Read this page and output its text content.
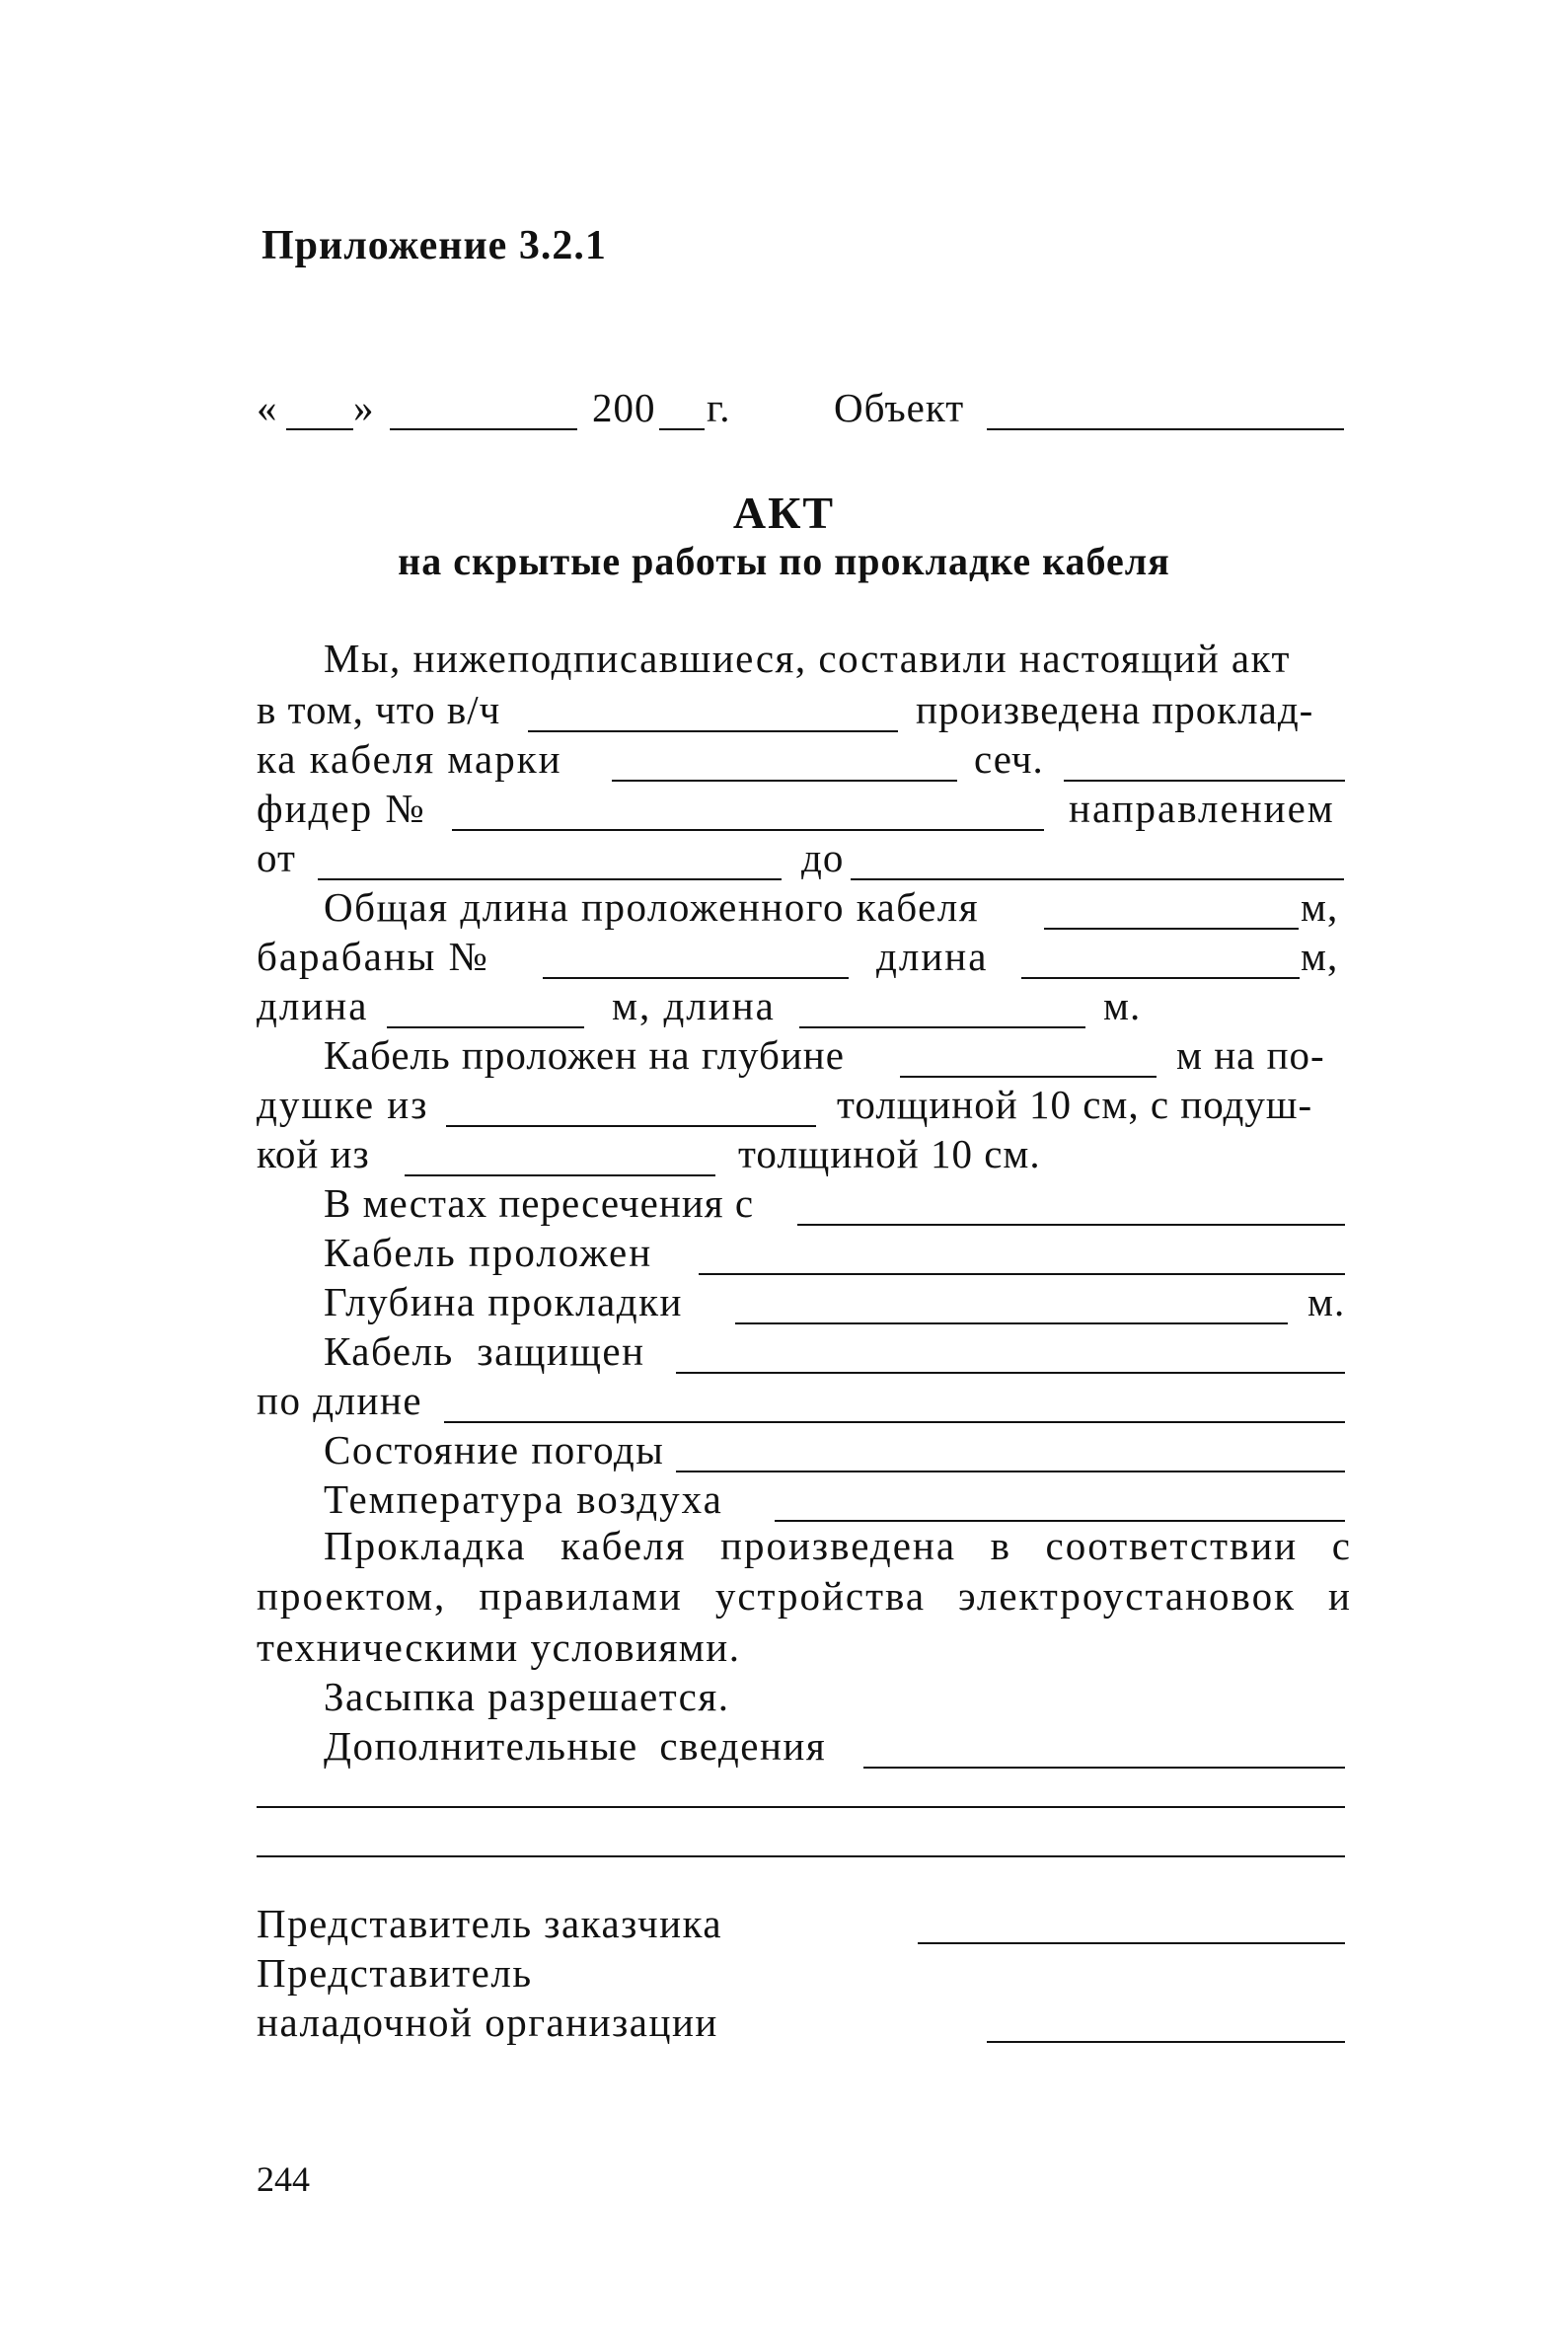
Приложение 3.2.1
« »	200 г.	Объект
АКТ
на скрытые работы по прокладке кабеля
Мы, нижеподписавшиеся, составили настоящий акт
в том, что в/ч	произведена проклад-
ка кабеля марки	сеч.
фидер №	направлением
от	до
Общая длина проложенного кабеля	м,
барабаны №	длина	м,
длина	м, длина	м.
Кабель проложен на глубине	м на по-
душке из	толщиной 10 см, с подуш-
кой из	толщиной 10 см.
В местах пересечения с
Кабель проложен
Глубина прокладки	м.
Кабель защищен
по длине
Состояние погоды
Температура воздуха
Прокладка кабеля произведена в соответствии с проектом, правилами устройства электроустановок и
техническими условиями.
Засыпка разрешается.
Дополнительные сведения
Представитель заказчика
Представитель
наладочной организации
244
